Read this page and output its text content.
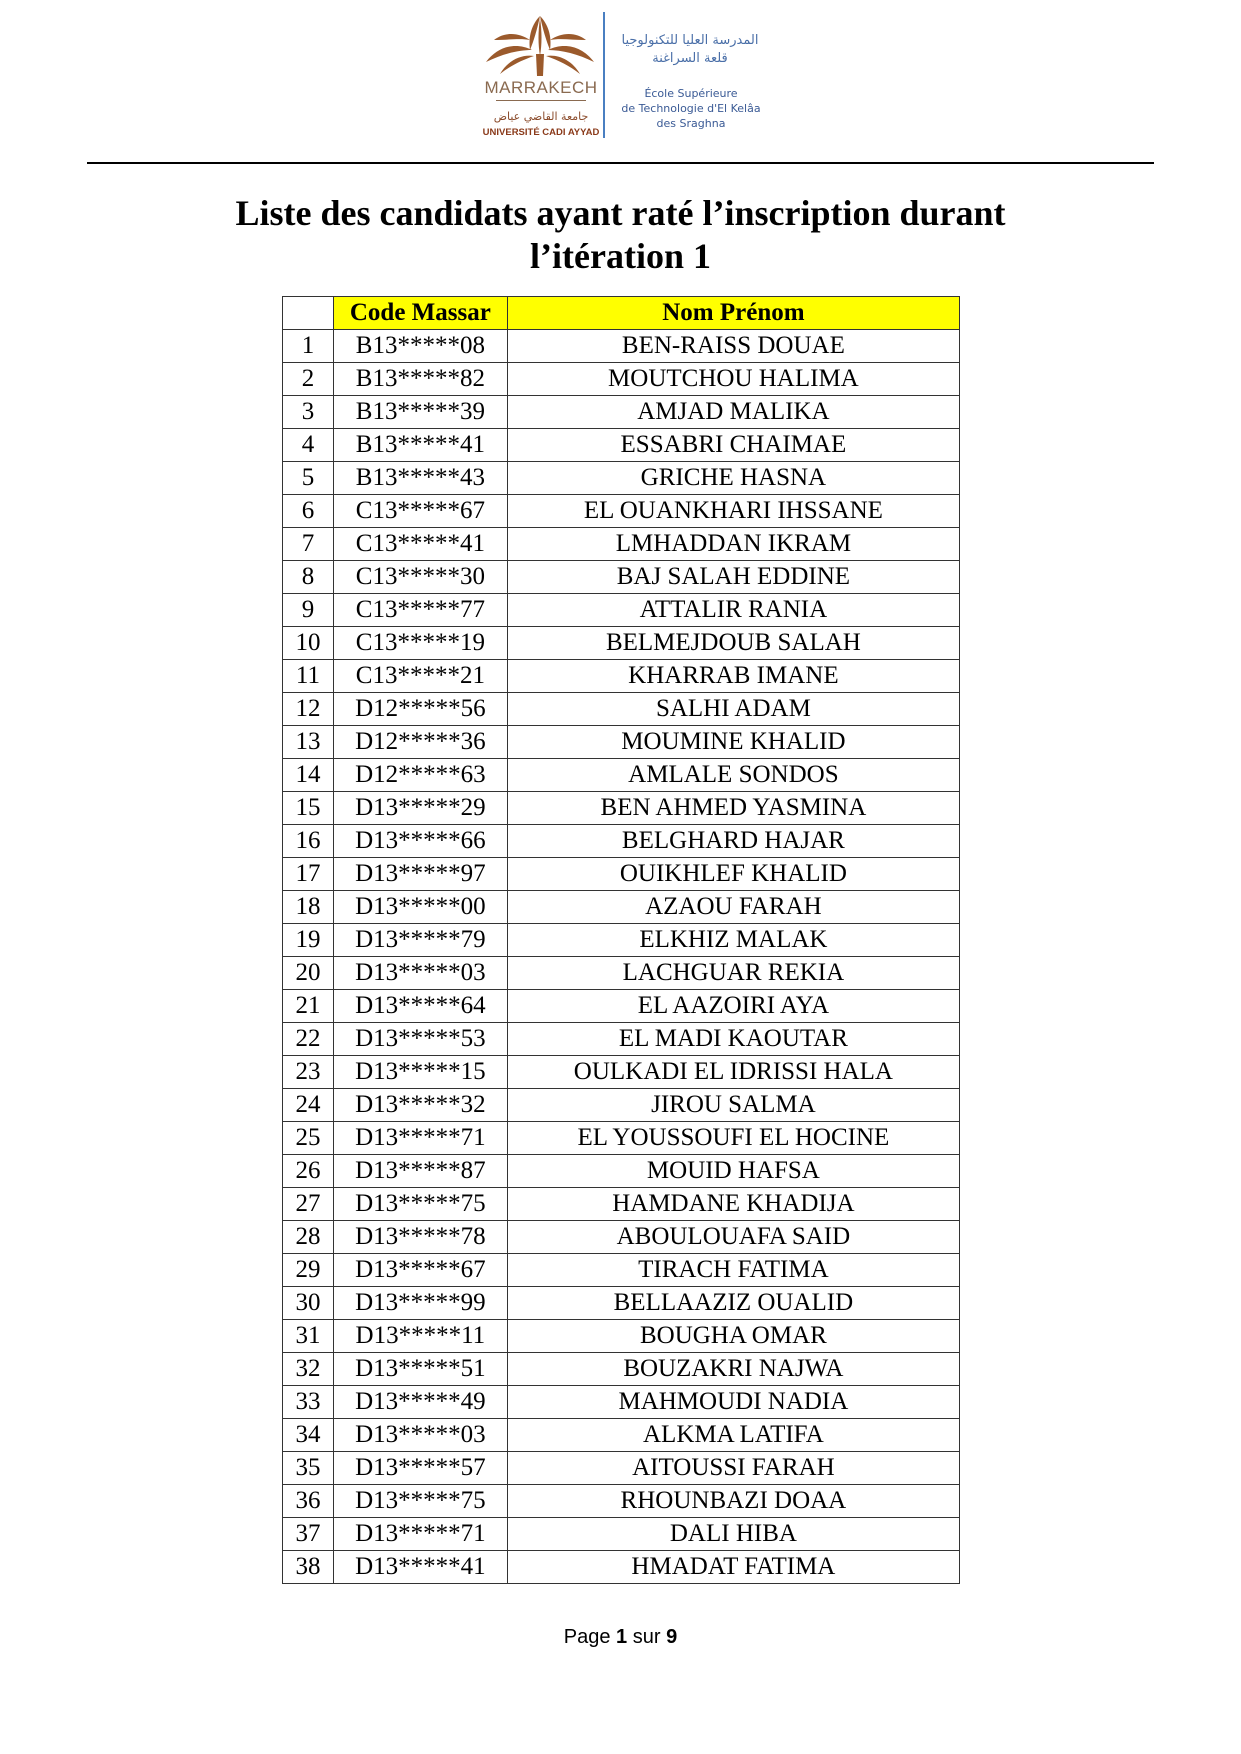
MARRAKECH
جامعة القاضي عياض
UNIVERSITÉ CADI AYYAD
المدرسة العليا للتكنولوجيا
قلعة السراغنة
École Supérieure
de Technologie d'El Kelâa
des Sraghna
Liste des candidats ayant raté l’inscription durant
l’itération 1
	Code Massar	Nom Prénom
1	B13*****08	BEN-RAISS DOUAE
2	B13*****82	MOUTCHOU HALIMA
3	B13*****39	AMJAD MALIKA
4	B13*****41	ESSABRI CHAIMAE
5	B13*****43	GRICHE HASNA
6	C13*****67	EL OUANKHARI IHSSANE
7	C13*****41	LMHADDAN IKRAM
8	C13*****30	BAJ SALAH EDDINE
9	C13*****77	ATTALIR RANIA
10	C13*****19	BELMEJDOUB SALAH
11	C13*****21	KHARRAB IMANE
12	D12*****56	SALHI ADAM
13	D12*****36	MOUMINE KHALID
14	D12*****63	AMLALE SONDOS
15	D13*****29	BEN AHMED YASMINA
16	D13*****66	BELGHARD HAJAR
17	D13*****97	OUIKHLEF KHALID
18	D13*****00	AZAOU FARAH
19	D13*****79	ELKHIZ MALAK
20	D13*****03	LACHGUAR REKIA
21	D13*****64	EL AAZOIRI AYA
22	D13*****53	EL MADI KAOUTAR
23	D13*****15	OULKADI EL IDRISSI HALA
24	D13*****32	JIROU SALMA
25	D13*****71	EL YOUSSOUFI EL HOCINE
26	D13*****87	MOUID HAFSA
27	D13*****75	HAMDANE KHADIJA
28	D13*****78	ABOULOUAFA SAID
29	D13*****67	TIRACH FATIMA
30	D13*****99	BELLAAZIZ OUALID
31	D13*****11	BOUGHA OMAR
32	D13*****51	BOUZAKRI NAJWA
33	D13*****49	MAHMOUDI NADIA
34	D13*****03	ALKMA LATIFA
35	D13*****57	AITOUSSI FARAH
36	D13*****75	RHOUNBAZI DOAA
37	D13*****71	DALI HIBA
38	D13*****41	HMADAT FATIMA
Page 1 sur 9
